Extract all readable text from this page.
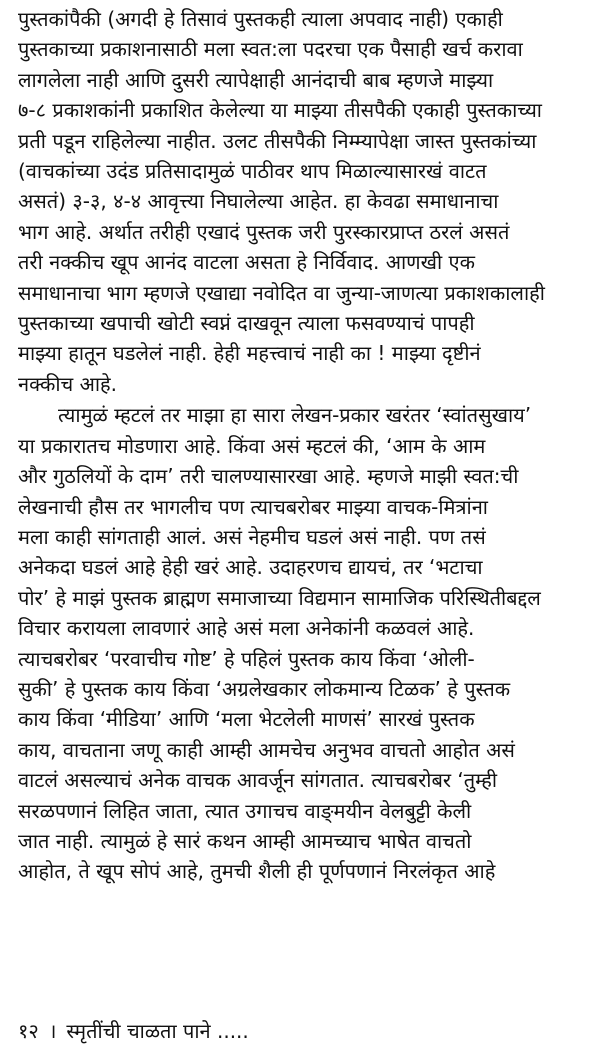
पुस्तकांपैकी (अगदी हे तिसावं पुस्तकही त्याला अपवाद नाही) एकाही
पुस्तकाच्या प्रकाशनासाठी मला स्वत:ला पदरचा एक पैसाही खर्च करावा
लागलेला नाही आणि दुसरी त्यापेक्षाही आनंदाची बाब म्हणजे माझ्या
७-८ प्रकाशकांनी प्रकाशित केलेल्या या माझ्या तीसपैकी एकाही पुस्तकाच्या
प्रती पडून राहिलेल्या नाहीत. उलट तीसपैकी निम्म्यापेक्षा जास्त पुस्तकांच्या
(वाचकांच्या उदंड प्रतिसादामुळं पाठीवर थाप मिळाल्यासारखं वाटत
असतं) ३-३, ४-४ आवृत्त्या निघालेल्या आहेत. हा केवढा समाधानाचा
भाग आहे. अर्थात तरीही एखादं पुस्तक जरी पुरस्कारप्राप्त ठरलं असतं
तरी नक्कीच खूप आनंद वाटला असता हे निर्विवाद. आणखी एक
समाधानाचा भाग म्हणजे एखाद्या नवोदित वा जुन्या-जाणत्या प्रकाशकालाही
पुस्तकाच्या खपाची खोटी स्वप्नं दाखवून त्याला फसवण्याचं पापही
माझ्या हातून घडलेलं नाही. हेही महत्त्वाचं नाही का ! माझ्या दृष्टीनं
नक्कीच आहे.

त्यामुळं म्हटलं तर माझा हा सारा लेखन-प्रकार खरंतर ‘स्वांतसुखाय’
या प्रकारातच मोडणारा आहे. किंवा असं म्हटलं की, ‘आम के आम
और गुठलियों के दाम’ तरी चालण्यासारखा आहे. म्हणजे माझी स्वत:ची
लेखनाची हौस तर भागलीच पण त्याचबरोबर माझ्या वाचक-मित्रांना
मला काही सांगताही आलं. असं नेहमीच घडलं असं नाही. पण तसं
अनेकदा घडलं आहे हेही खरं आहे. उदाहरणच द्यायचं, तर ‘भटाचा
पोर’ हे माझं पुस्तक ब्राह्मण समाजाच्या विद्यमान सामाजिक परिस्थितीबद्दल
विचार करायला लावणारं आहे असं मला अनेकांनी कळवलं आहे.
त्याचबरोबर ‘परवाचीच गोष्ट’ हे पहिलं पुस्तक काय किंवा ‘ओली-
सुकी’ हे पुस्तक काय किंवा ‘अग्रलेखकार लोकमान्य टिळक’ हे पुस्तक
काय किंवा ‘मीडिया’ आणि ‘मला भेटलेली माणसं’ सारखं पुस्तक
काय, वाचताना जणू काही आम्ही आमचेच अनुभव वाचतो आहोत असं
वाटलं असल्याचं अनेक वाचक आवर्जून सांगतात. त्याचबरोबर ‘तुम्ही
सरळपणानं लिहित जाता, त्यात उगाचच वाङ्‌मयीन वेलबुट्टी केली
जात नाही. त्यामुळं हे सारं कथन आम्ही आमच्याच भाषेत वाचतो
आहोत, ते खूप सोपं आहे, तुमची शैली ही पूर्णपणानं निरलंकृत आहे

१२ । स्मृतींची चाळता पाने .....
